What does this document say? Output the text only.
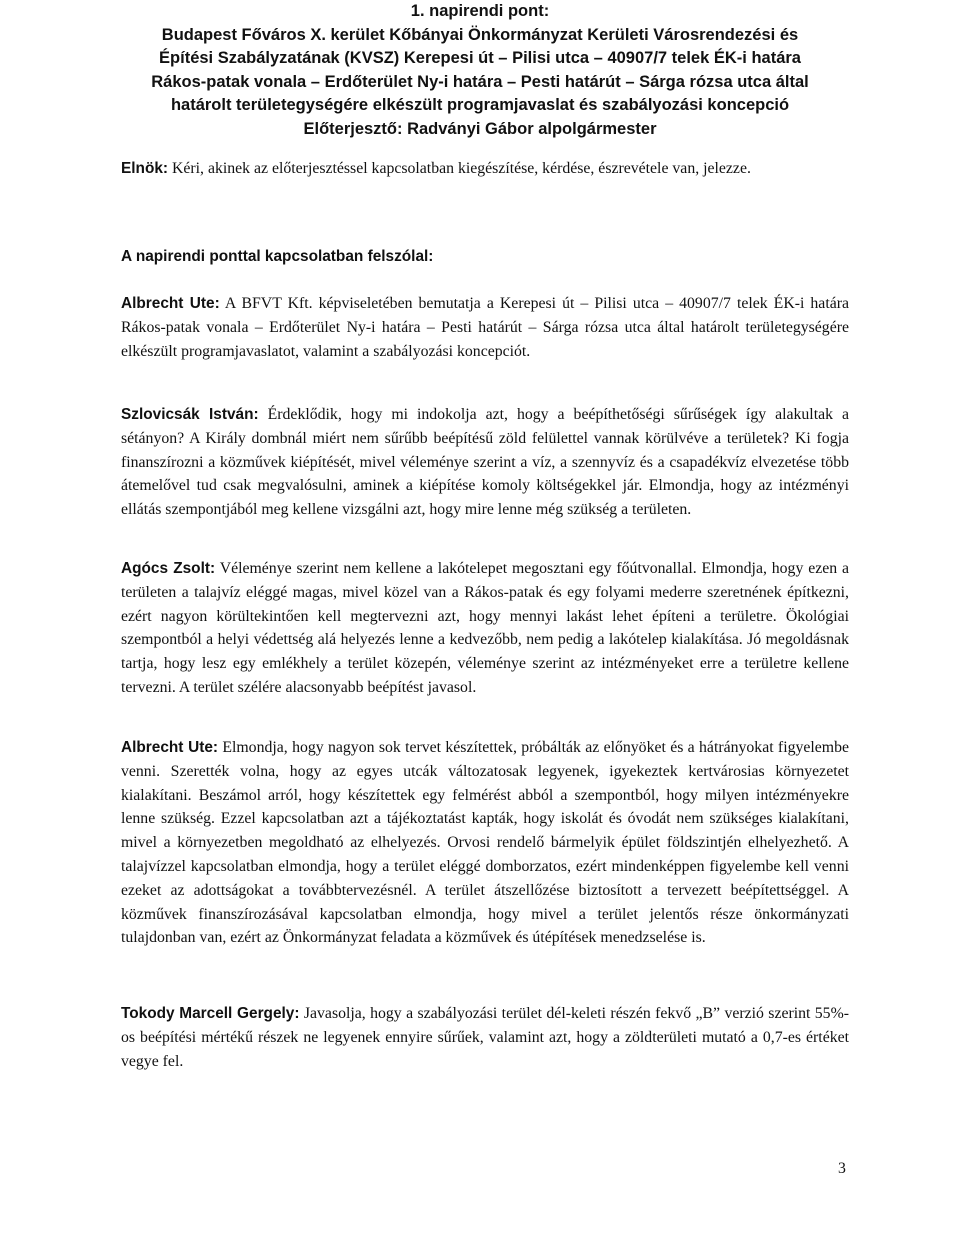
1. napirendi pont:
Budapest Főváros X. kerület Kőbányai Önkormányzat Kerületi Városrendezési és
Építési Szabályzatának (KVSZ) Kerepesi út – Pilisi utca – 40907/7 telek ÉK-i határa
Rákos-patak vonala – Erdőterület Ny-i határa – Pesti határút – Sárga rózsa utca által
határolt területegységére elkészült programjavaslat és szabályozási koncepció
Előterjesztő: Radványi Gábor alpolgármester

Elnök: Kéri, akinek az előterjesztéssel kapcsolatban kiegészítése, kérdése, észrevétele van, jelezze.

A napirendi ponttal kapcsolatban felszólal:

Albrecht Ute: A BFVT Kft. képviseletében bemutatja a Kerepesi út – Pilisi utca – 40907/7 telek ÉK-i határa Rákos-patak vonala – Erdőterület Ny-i határa – Pesti határút – Sárga rózsa utca által határolt területegységére elkészült programjavaslatot, valamint a szabályozási koncepciót.

Szlovicsák István: Érdeklődik, hogy mi indokolja azt, hogy a beépíthetőségi sűrűségek így alakultak a sétányon? A Király dombnál miért nem sűrűbb beépítésű zöld felülettel vannak körülvéve a területek? Ki fogja finanszírozni a közművek kiépítését, mivel véleménye szerint a víz, a szennyvíz és a csapadékvíz elvezetése több átemelővel tud csak megvalósulni, aminek a kiépítése komoly költségekkel jár. Elmondja, hogy az intézményi ellátás szempontjából meg kellene vizsgálni azt, hogy mire lenne még szükség a területen.

Agócs Zsolt: Véleménye szerint nem kellene a lakótelepet megosztani egy főútvonallal. Elmondja, hogy ezen a területen a talajvíz eléggé magas, mivel közel van a Rákos-patak és egy folyami mederre szeretnének építkezni, ezért nagyon körültekintően kell megtervezni azt, hogy mennyi lakást lehet építeni a területre. Ökológiai szempontból a helyi védettség alá helyezés lenne a kedvezőbb, nem pedig a lakótelep kialakítása. Jó megoldásnak tartja, hogy lesz egy emlékhely a terület közepén, véleménye szerint az intézményeket erre a területre kellene tervezni. A terület szélére alacsonyabb beépítést javasol.

Albrecht Ute: Elmondja, hogy nagyon sok tervet készítettek, próbálták az előnyöket és a hátrányokat figyelembe venni. Szerették volna, hogy az egyes utcák változatosak legyenek, igyekeztek kertvárosias környezetet kialakítani. Beszámol arról, hogy készítettek egy felmérést abból a szempontból, hogy milyen intézményekre lenne szükség. Ezzel kapcsolatban azt a tájékoztatást kapták, hogy iskolát és óvodát nem szükséges kialakítani, mivel a környezetben megoldható az elhelyezés. Orvosi rendelő bármelyik épület földszintjén elhelyezhető. A talajvízzel kapcsolatban elmondja, hogy a terület eléggé domborzatos, ezért mindenképpen figyelembe kell venni ezeket az adottságokat a továbbtervezésnél. A terület átszellőzése biztosított a tervezett beépítettséggel. A közművek finanszírozásával kapcsolatban elmondja, hogy mivel a terület jelentős része önkormányzati tulajdonban van, ezért az Önkormányzat feladata a közművek és útépítések menedzselése is.

Tokody Marcell Gergely: Javasolja, hogy a szabályozási terület dél-keleti részén fekvő „B” verzió szerint 55%-os beépítési mértékű részek ne legyenek ennyire sűrűek, valamint azt, hogy a zöldterületi mutató a 0,7-es értéket vegye fel.

3
